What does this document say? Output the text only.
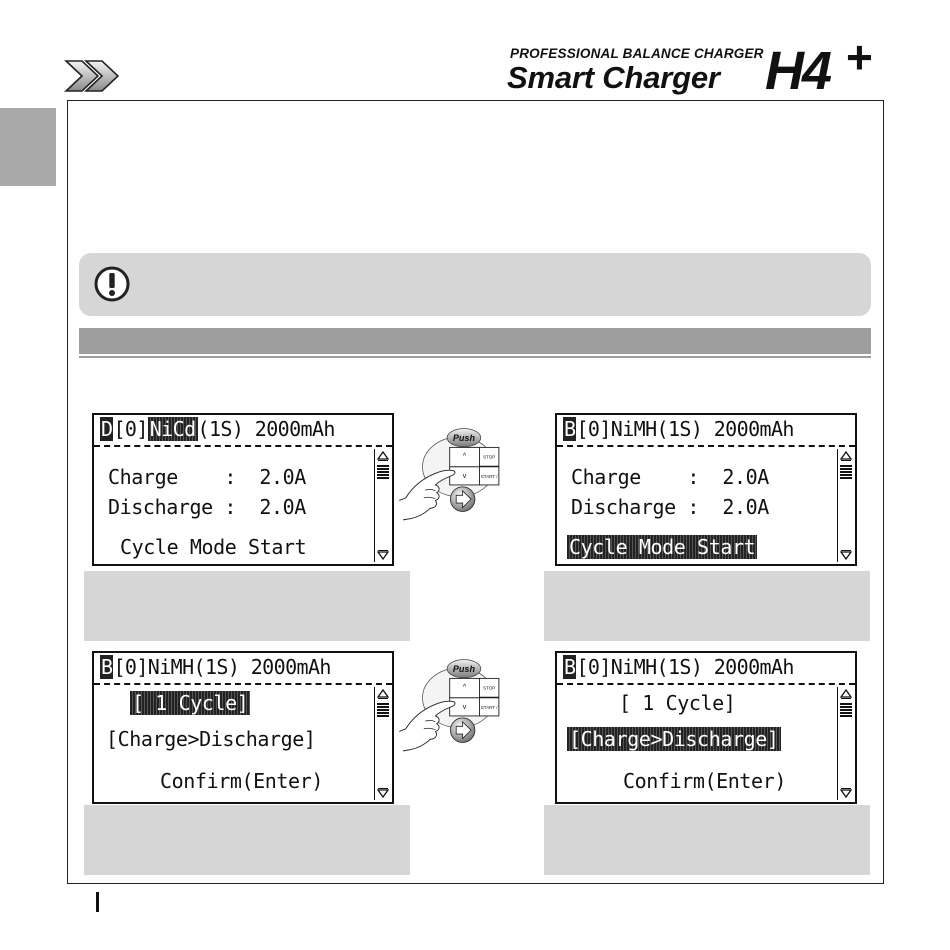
PROFESSIONAL BALANCE CHARGER
Smart Charger H4 +
D[0] NiCd (1S) 2000mAh

Charge    :  2.0A

Discharge :  2.0A

Cycle Mode Start

B[0]NiMH(1S) 2000mAh

Charge    :  2.0A

Discharge :  2.0A

Cycle Mode Start

B[0]NiMH(1S) 2000mAh

[ 1 Cycle]

[Charge>Discharge]

Confirm(Enter)

B[0]NiMH(1S) 2000mAh

[ 1 Cycle]

[Charge>Discharge]

Confirm(Enter)

Push
^
v
STOP
START /
Push
^
v
STOP
START /
